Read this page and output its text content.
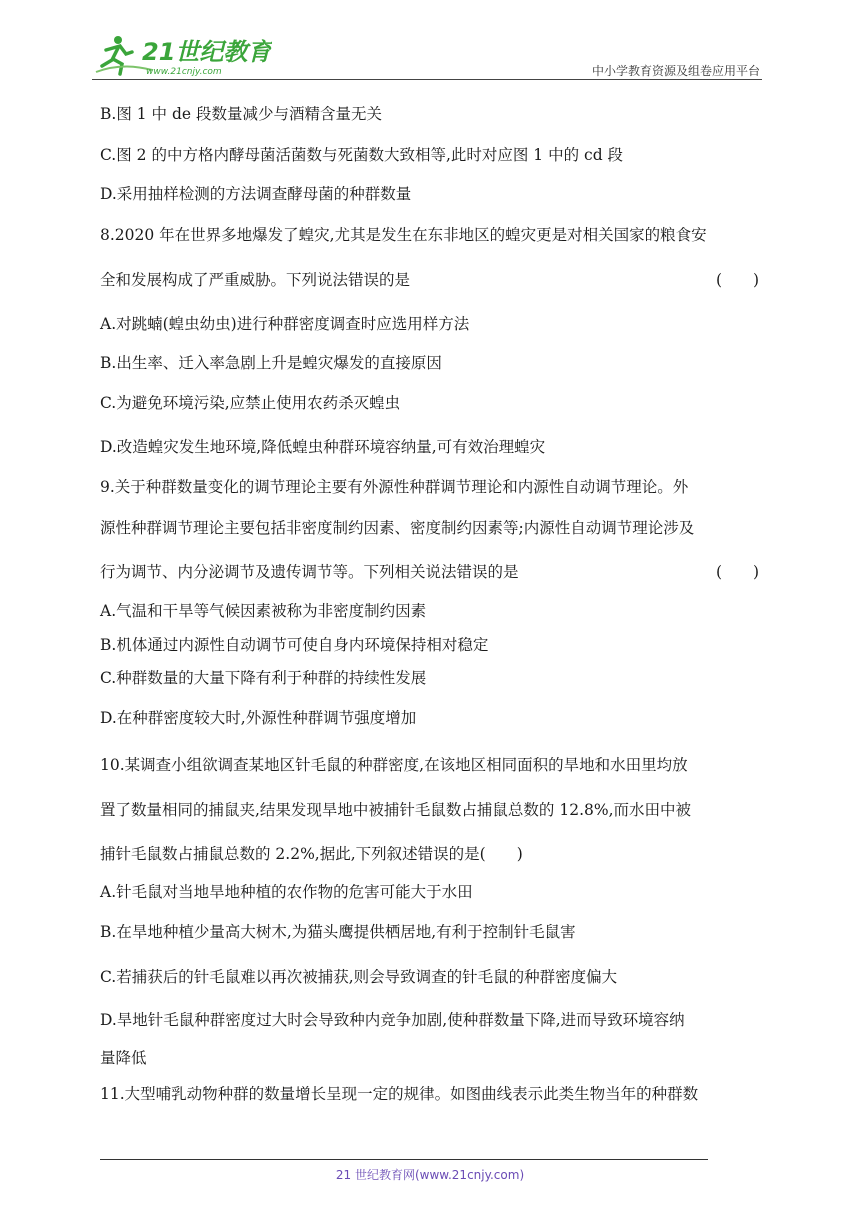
21世纪教育
www.21cnjy.com	中小学教育资源及组卷应用平台
B.图 1 中 de 段数量减少与酒精含量无关
C.图 2 的中方格内酵母菌活菌数与死菌数大致相等,此时对应图 1 中的 cd 段
D.采用抽样检测的方法调查酵母菌的种群数量
8.2020 年在世界多地爆发了蝗灾,尤其是发生在东非地区的蝗灾更是对相关国家的粮食安
全和发展构成了严重威胁。下列说法错误的是	(　　)
A.对跳蝻(蝗虫幼虫)进行种群密度调查时应选用样方法
B.出生率、迁入率急剧上升是蝗灾爆发的直接原因
C.为避免环境污染,应禁止使用农药杀灭蝗虫
D.改造蝗灾发生地环境,降低蝗虫种群环境容纳量,可有效治理蝗灾
9.关于种群数量变化的调节理论主要有外源性种群调节理论和内源性自动调节理论。外
源性种群调节理论主要包括非密度制约因素、密度制约因素等;内源性自动调节理论涉及
行为调节、内分泌调节及遗传调节等。下列相关说法错误的是	(　　)
A.气温和干旱等气候因素被称为非密度制约因素
B.机体通过内源性自动调节可使自身内环境保持相对稳定
C.种群数量的大量下降有利于种群的持续性发展
D.在种群密度较大时,外源性种群调节强度增加
10.某调查小组欲调查某地区针毛鼠的种群密度,在该地区相同面积的旱地和水田里均放
置了数量相同的捕鼠夹,结果发现旱地中被捕针毛鼠数占捕鼠总数的 12.8%,而水田中被
捕针毛鼠数占捕鼠总数的 2.2%,据此,下列叙述错误的是(　　)
A.针毛鼠对当地旱地种植的农作物的危害可能大于水田
B.在旱地种植少量高大树木,为猫头鹰提供栖居地,有利于控制针毛鼠害
C.若捕获后的针毛鼠难以再次被捕获,则会导致调查的针毛鼠的种群密度偏大
D.旱地针毛鼠种群密度过大时会导致种内竞争加剧,使种群数量下降,进而导致环境容纳
量降低
11.大型哺乳动物种群的数量增长呈现一定的规律。如图曲线表示此类生物当年的种群数
21 世纪教育网(www.21cnjy.com)
